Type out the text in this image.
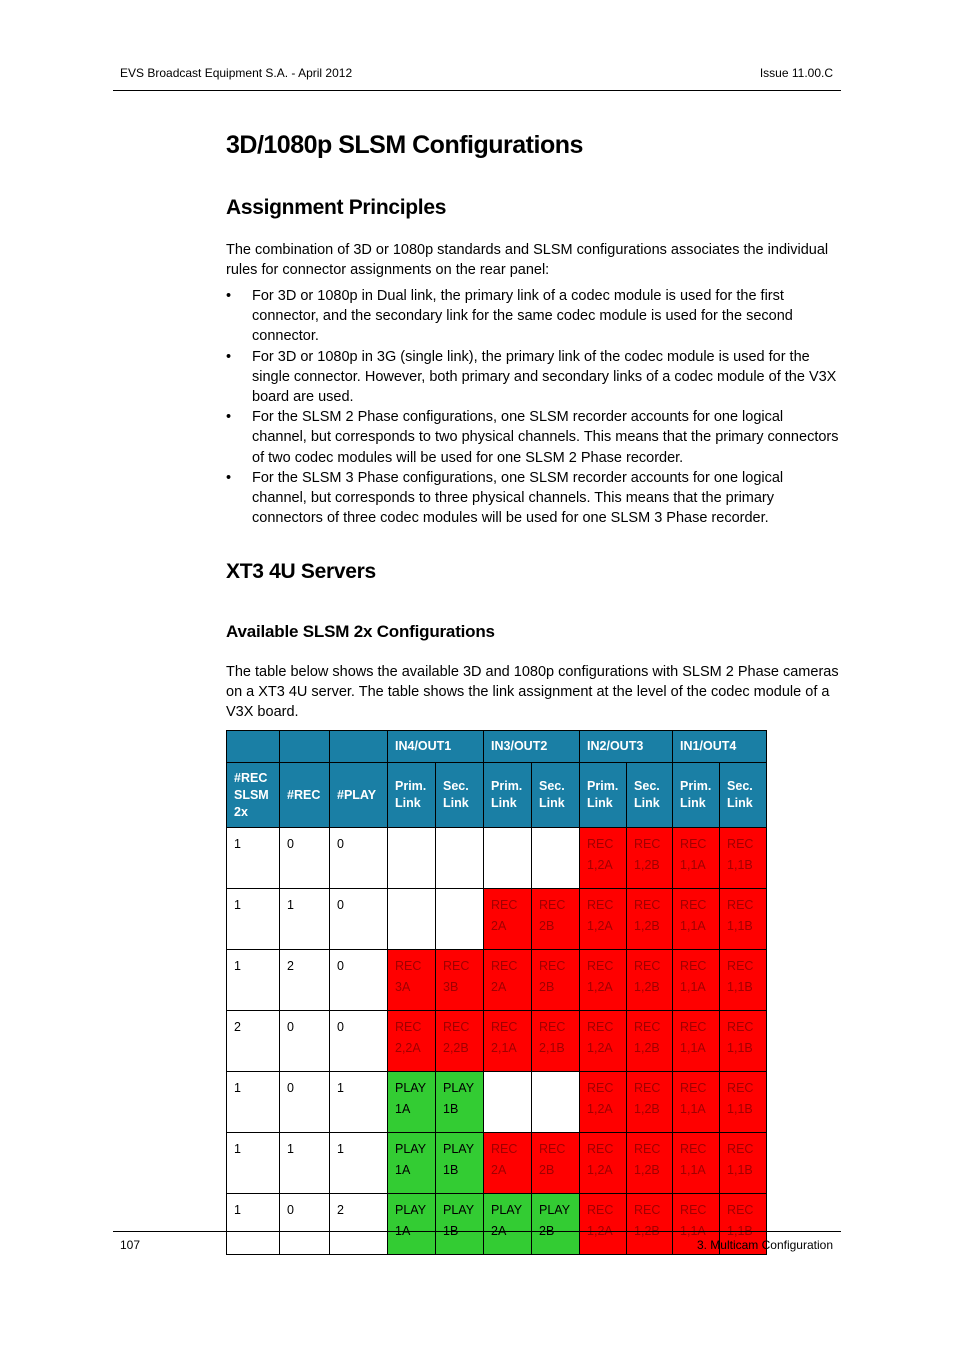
EVS Broadcast Equipment S.A. - April 2012	Issue 11.00.C
3D/1080p SLSM Configurations
Assignment Principles

The combination of 3D or 1080p standards and SLSM configurations associates the individual rules for connector assignments on the rear panel:

• For 3D or 1080p in Dual link, the primary link of a codec module is used for the first connector, and the secondary link for the same codec module is used for the second connector.
• For 3D or 1080p in 3G (single link), the primary link of the codec module is used for the single connector. However, both primary and secondary links of a codec module of the V3X board are used.
• For the SLSM 2 Phase configurations, one SLSM recorder accounts for one logical channel, but corresponds to two physical channels. This means that the primary connectors of two codec modules will be used for one SLSM 2 Phase recorder.
• For the SLSM 3 Phase configurations, one SLSM recorder accounts for one logical channel, but corresponds to three physical channels. This means that the primary connectors of three codec modules will be used for one SLSM 3 Phase recorder.
XT3 4U Servers
Available SLSM 2x Configurations

The table below shows the available 3D and 1080p configurations with SLSM 2 Phase cameras on a XT3 4U server. The table shows the link assignment at the level of the codec module of a V3X board.

			IN4/OUT1		IN3/OUT2		IN2/OUT3		IN1/OUT4	
#REC SLSM 2x	#REC	#PLAY	Prim. Link	Sec. Link	Prim. Link	Sec. Link	Prim. Link	Sec. Link	Prim. Link	Sec. Link
1	0	0					REC 1,2A	REC 1,2B	REC 1,1A	REC 1,1B
1	1	0			REC 2A	REC 2B	REC 1,2A	REC 1,2B	REC 1,1A	REC 1,1B
1	2	0	REC 3A	REC 3B	REC 2A	REC 2B	REC 1,2A	REC 1,2B	REC 1,1A	REC 1,1B
2	0	0	REC 2,2A	REC 2,2B	REC 2,1A	REC 2,1B	REC 1,2A	REC 1,2B	REC 1,1A	REC 1,1B
1	0	1	PLAY 1A	PLAY 1B			REC 1,2A	REC 1,2B	REC 1,1A	REC 1,1B
1	1	1	PLAY 1A	PLAY 1B	REC 2A	REC 2B	REC 1,2A	REC 1,2B	REC 1,1A	REC 1,1B
1	0	2	PLAY 1A	PLAY 1B	PLAY 2A	PLAY 2B	REC 1,2A	REC 1,2B	REC 1,1A	REC 1,1B
107	3. Multicam Configuration
